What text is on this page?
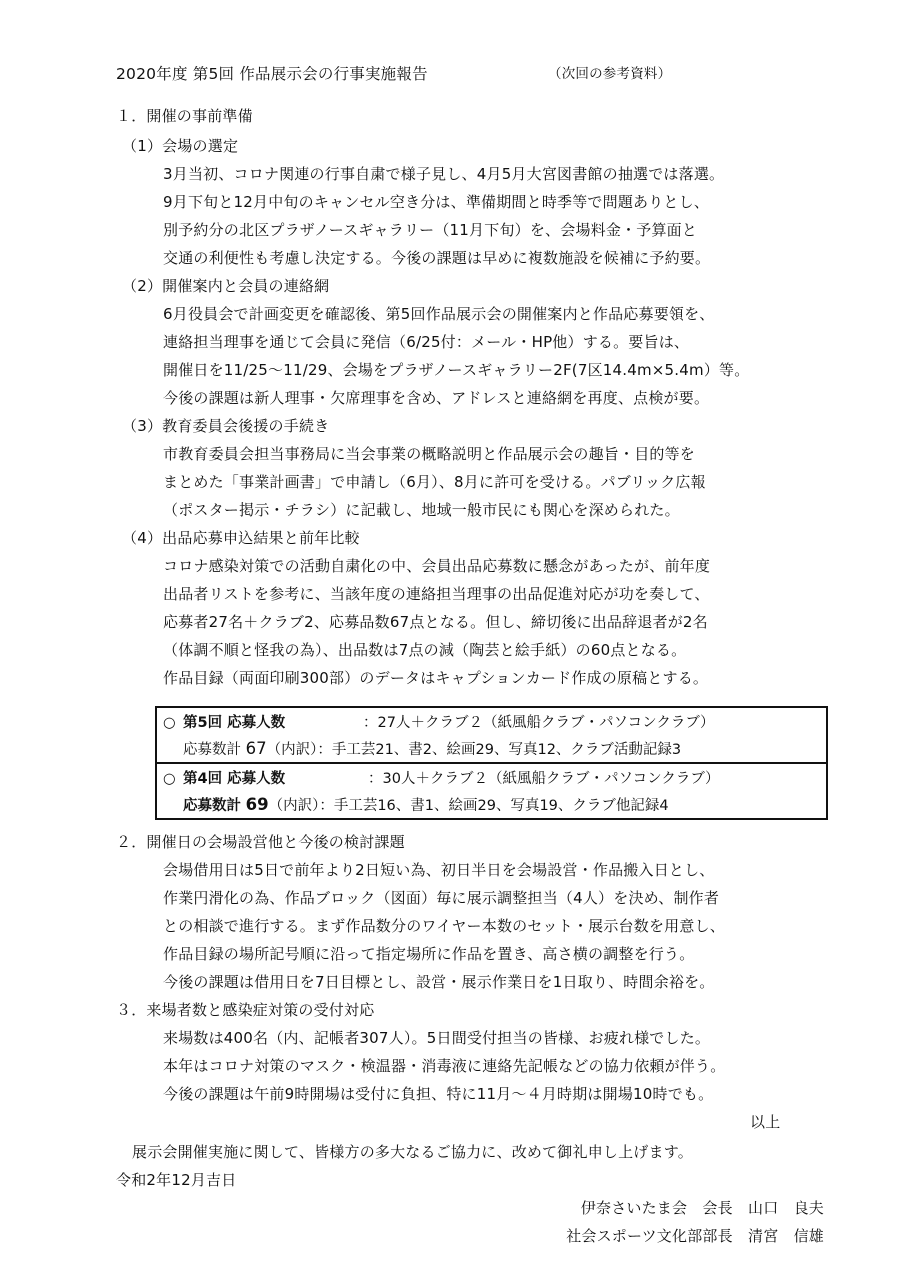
2020年度 第5回 作品展示会の行事実施報告	（次回の参考資料）
１．開催の事前準備
（1）会場の選定
3月当初、コロナ関連の行事自粛で様子見し、4月5月大宮図書館の抽選では落選。
9月下旬と12月中旬のキャンセル空き分は、準備期間と時季等で問題ありとし、
別予約分の北区プラザノースギャラリー（11月下旬）を、会場料金・予算面と
交通の利便性も考慮し決定する。今後の課題は早めに複数施設を候補に予約要。
（2）開催案内と会員の連絡網
6月役員会で計画変更を確認後、第5回作品展示会の開催案内と作品応募要領を、
連絡担当理事を通じて会員に発信（6/25付：メール・HP他）する。要旨は、
開催日を11/25～11/29、会場をプラザノースギャラリー2F(7区14.4m×5.4m）等。
今後の課題は新人理事・欠席理事を含め、アドレスと連絡網を再度、点検が要。
（3）教育委員会後援の手続き
市教育委員会担当事務局に当会事業の概略説明と作品展示会の趣旨・目的等を
まとめた「事業計画書」で申請し（6月）、8月に許可を受ける。パブリック広報
（ポスター掲示・チラシ）に記載し、地域一般市民にも関心を深められた。
（4）出品応募申込結果と前年比較
コロナ感染対策での活動自粛化の中、会員出品応募数に懸念があったが、前年度
出品者リストを参考に、当該年度の連絡担当理事の出品促進対応が功を奏して、
応募者27名＋クラブ2、応募品数67点となる。但し、締切後に出品辞退者が2名
（体調不順と怪我の為）、出品数は7点の減（陶芸と絵手紙）の60点となる。
作品目録（両面印刷300部）のデータはキャプションカード作成の原稿とする。
○ 第5回 応募人数	：27人＋クラブ２（紙風船クラブ・パソコンクラブ）
応募数計 67（内訳）：手工芸21、書2、絵画29、写真12、クラブ活動記録3
○ 第4回 応募人数	：30人＋クラブ２（紙風船クラブ・パソコンクラブ）
応募数計 69（内訳）：手工芸16、書1、絵画29、写真19、クラブ他記録4
２．開催日の会場設営他と今後の検討課題
会場借用日は5日で前年より2日短い為、初日半日を会場設営・作品搬入日とし、
作業円滑化の為、作品ブロック（図面）毎に展示調整担当（4人）を決め、制作者
との相談で進行する。まず作品数分のワイヤー本数のセット・展示台数を用意し、
作品目録の場所記号順に沿って指定場所に作品を置き、高さ横の調整を行う。
今後の課題は借用日を7日目標とし、設営・展示作業日を1日取り、時間余裕を。
３．来場者数と感染症対策の受付対応
来場数は400名（内、記帳者307人）。5日間受付担当の皆様、お疲れ様でした。
本年はコロナ対策のマスク・検温器・消毒液に連絡先記帳などの協力依頼が伴う。
今後の課題は午前9時開場は受付に負担、特に11月～４月時期は開場10時でも。
以上
展示会開催実施に関して、皆様方の多大なるご協力に、改めて御礼申し上げます。
令和2年12月吉日
伊奈さいたま会　会長　山口　良夫
社会スポーツ文化部部長　清宮　信雄
